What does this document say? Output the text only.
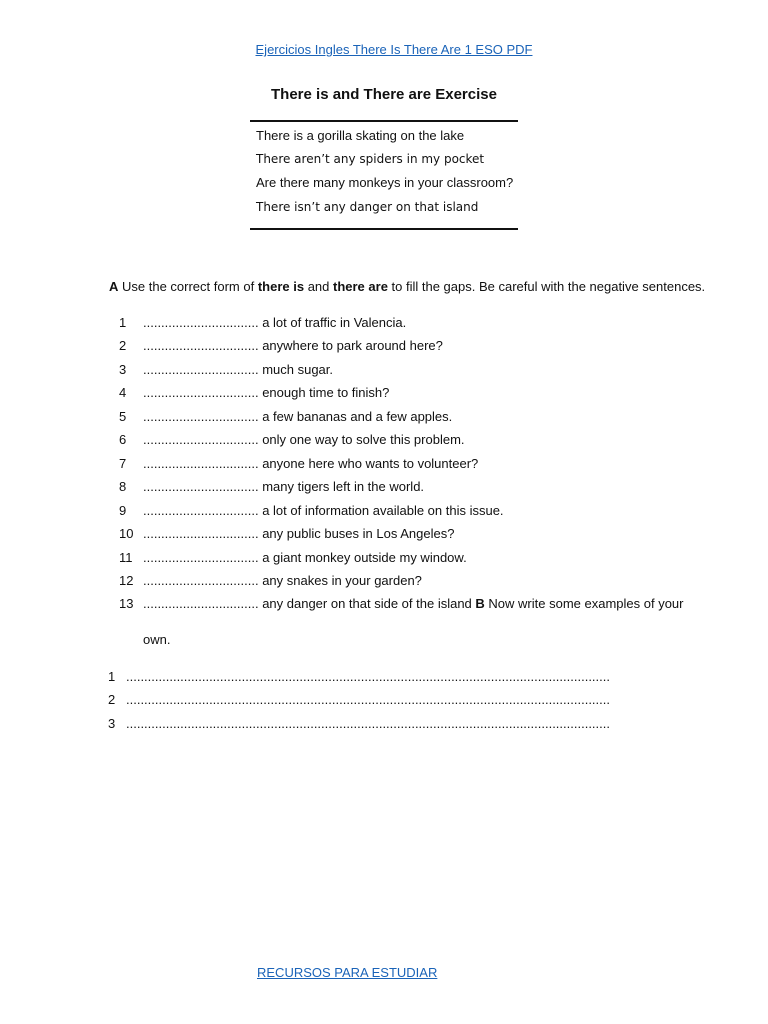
Ejercicios Ingles There Is There Are 1 ESO PDF
There is and There are Exercise
There is a gorilla skating on the lake
There aren’t any spiders in my pocket
Are there many monkeys in your classroom?
There isn’t any danger on that island
A Use the correct form of there is and there are to fill the gaps. Be careful with the negative sentences.
1 ................................ a lot of traffic in Valencia.
2 ................................ anywhere to park around here?
3 ................................ much sugar.
4 ................................ enough time to finish?
5 ................................ a few bananas and a few apples.
6 ................................ only one way to solve this problem.
7 ................................ anyone here who wants to volunteer?
8 ................................ many tigers left in the world.
9 ................................ a lot of information available on this issue.
10 ................................ any public buses in Los Angeles?
11 ................................ a giant monkey outside my window.
12 ................................ any snakes in your garden?
13 ................................ any danger on that side of the island B Now write some examples of your
own.
1 ......................................................................................................................................
2 ......................................................................................................................................
3 ......................................................................................................................................
RECURSOS PARA ESTUDIAR
